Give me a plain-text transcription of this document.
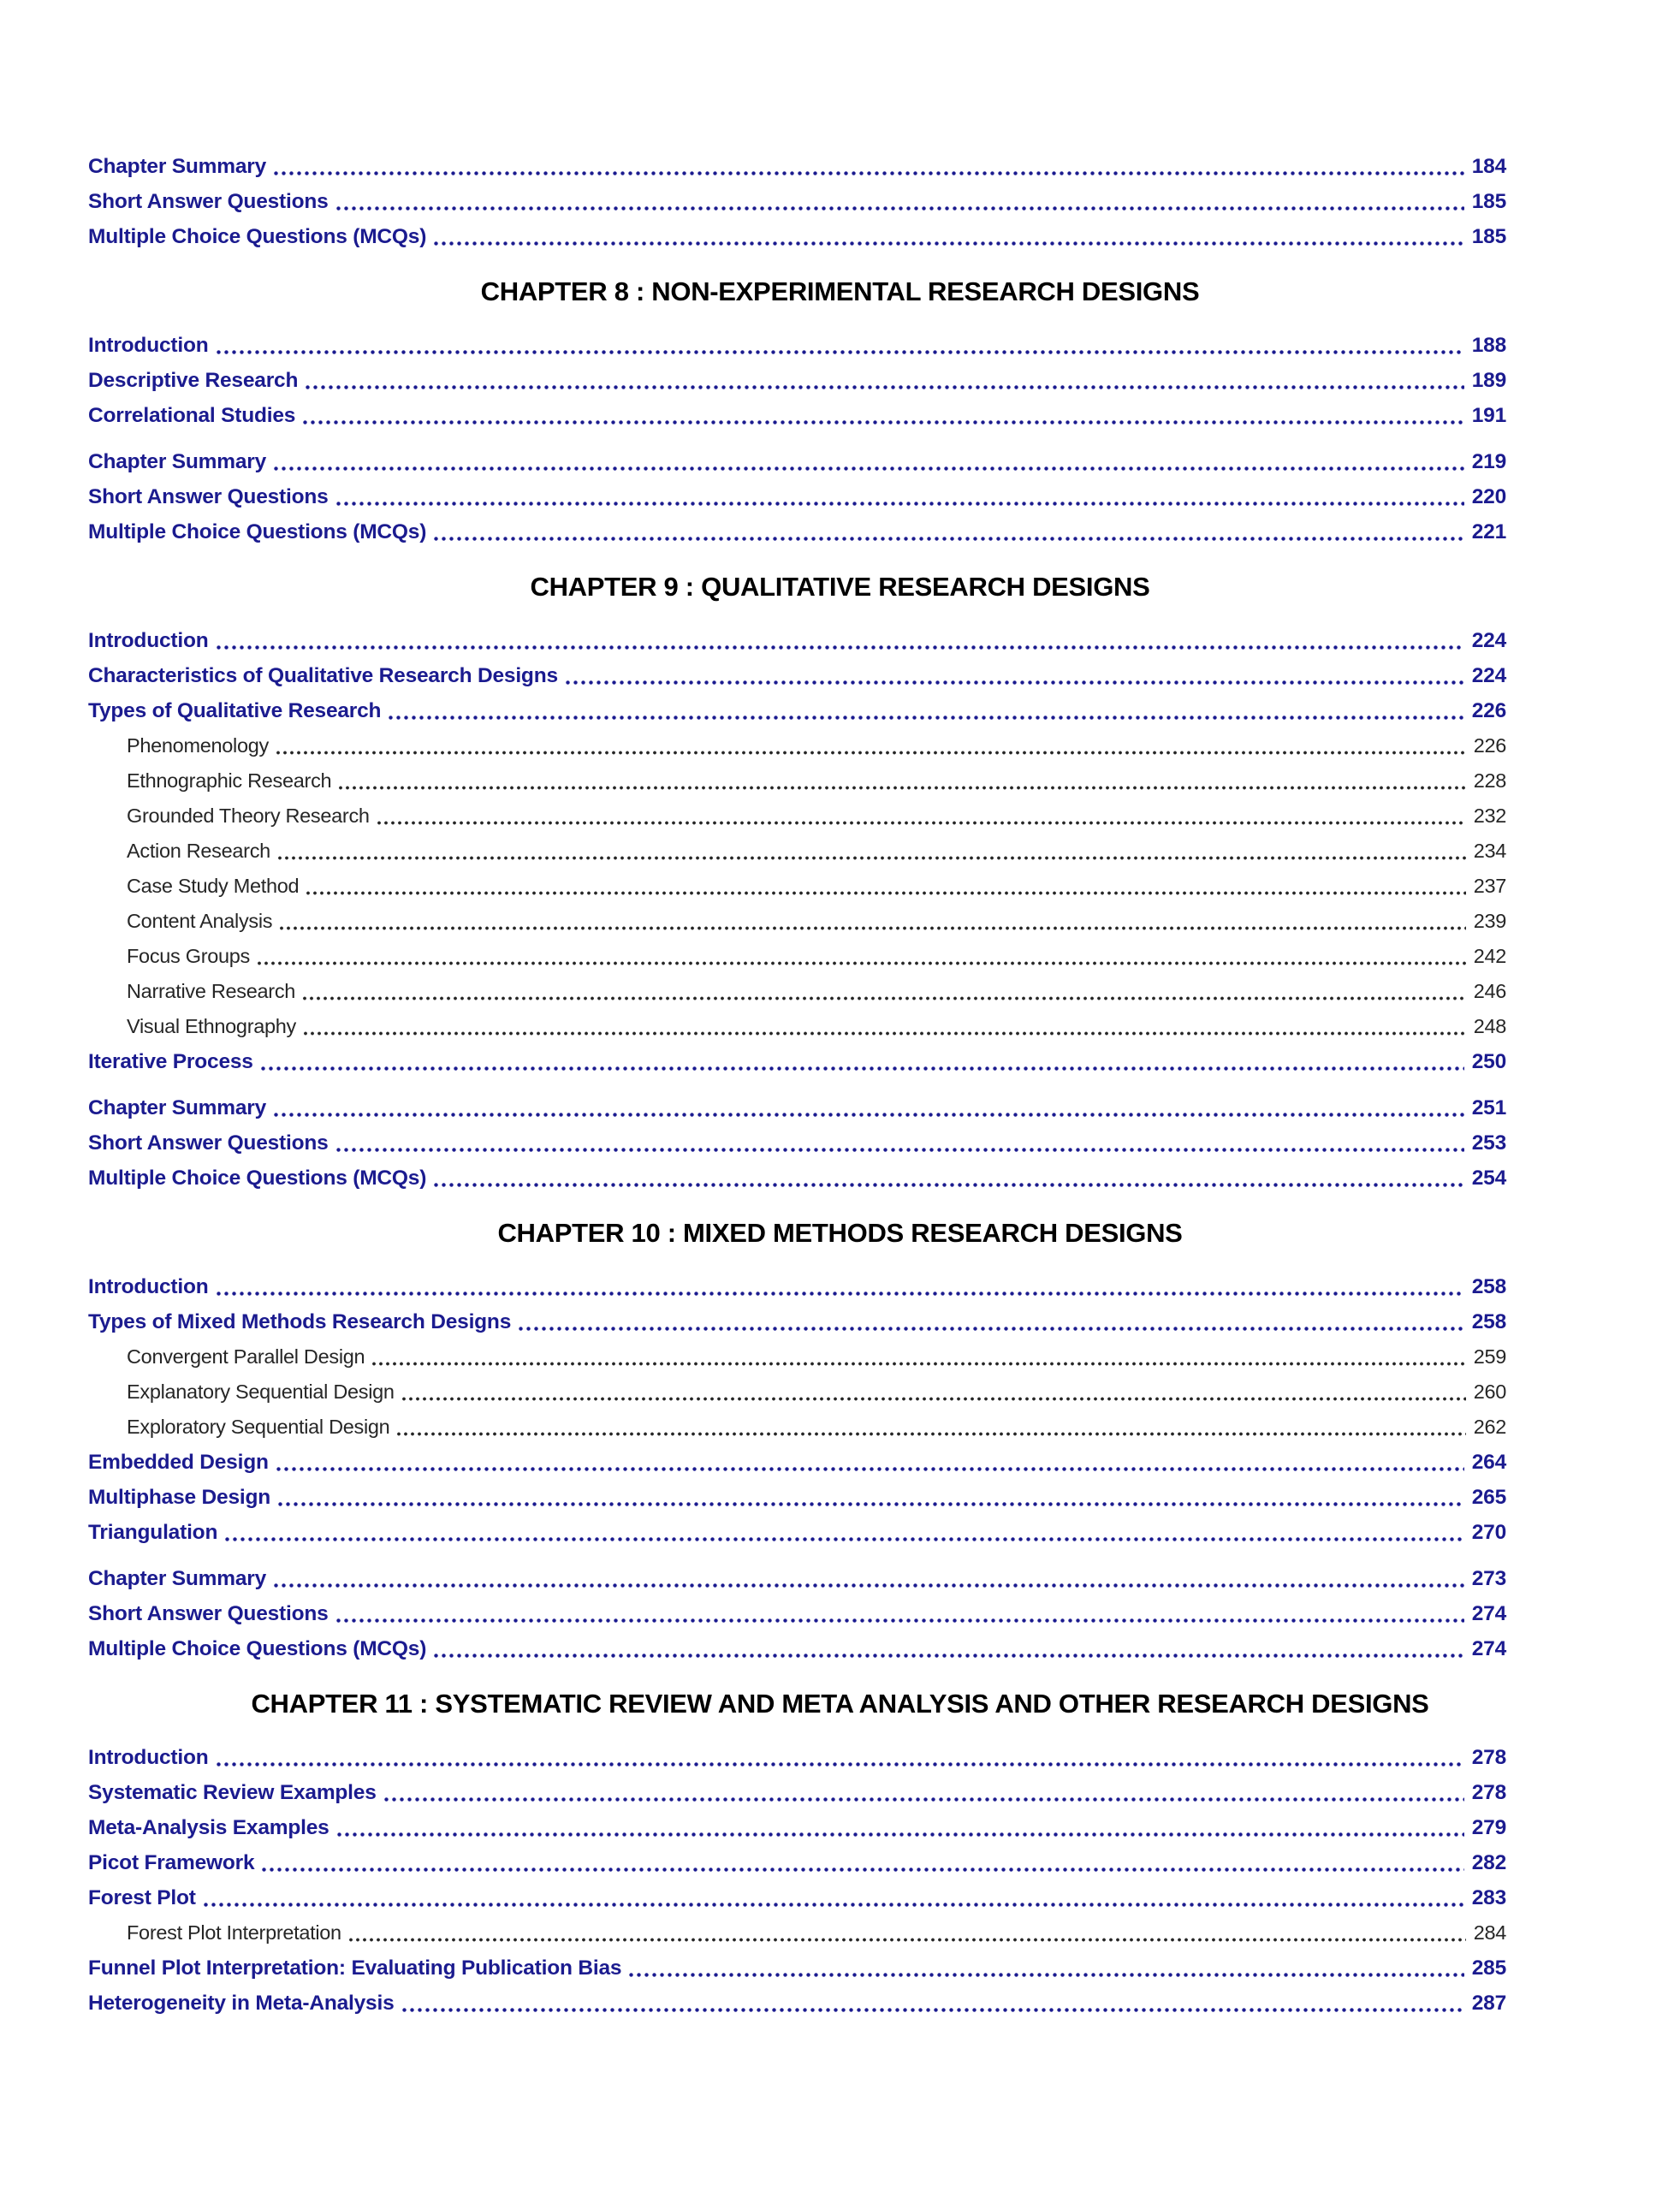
Chapter Summary	184
Short Answer Questions	185
Multiple Choice Questions (MCQs)	185
CHAPTER 8 : NON-EXPERIMENTAL RESEARCH DESIGNS
Introduction	188
Descriptive Research	189
Correlational Studies	191
Chapter Summary	219
Short Answer Questions	220
Multiple Choice Questions (MCQs)	221
CHAPTER 9 : QUALITATIVE RESEARCH DESIGNS
Introduction	224
Characteristics of Qualitative Research Designs	224
Types of Qualitative Research	226
Phenomenology	226
Ethnographic Research	228
Grounded Theory Research	232
Action Research	234
Case Study Method	237
Content Analysis	239
Focus Groups	242
Narrative Research	246
Visual Ethnography	248
Iterative Process	250
Chapter Summary	251
Short Answer Questions	253
Multiple Choice Questions (MCQs)	254
CHAPTER 10 : MIXED METHODS RESEARCH DESIGNS
Introduction	258
Types of Mixed Methods Research Designs	258
Convergent Parallel Design	259
Explanatory Sequential Design	260
Exploratory Sequential Design	262
Embedded Design	264
Multiphase Design	265
Triangulation	270
Chapter Summary	273
Short Answer Questions	274
Multiple Choice Questions (MCQs)	274
CHAPTER 11 : SYSTEMATIC REVIEW AND META ANALYSIS AND OTHER RESEARCH DESIGNS
Introduction	278
Systematic Review Examples	278
Meta-Analysis Examples	279
Picot Framework	282
Forest Plot	283
Forest Plot Interpretation	284
Funnel Plot Interpretation: Evaluating Publication Bias	285
Heterogeneity in Meta-Analysis	287
